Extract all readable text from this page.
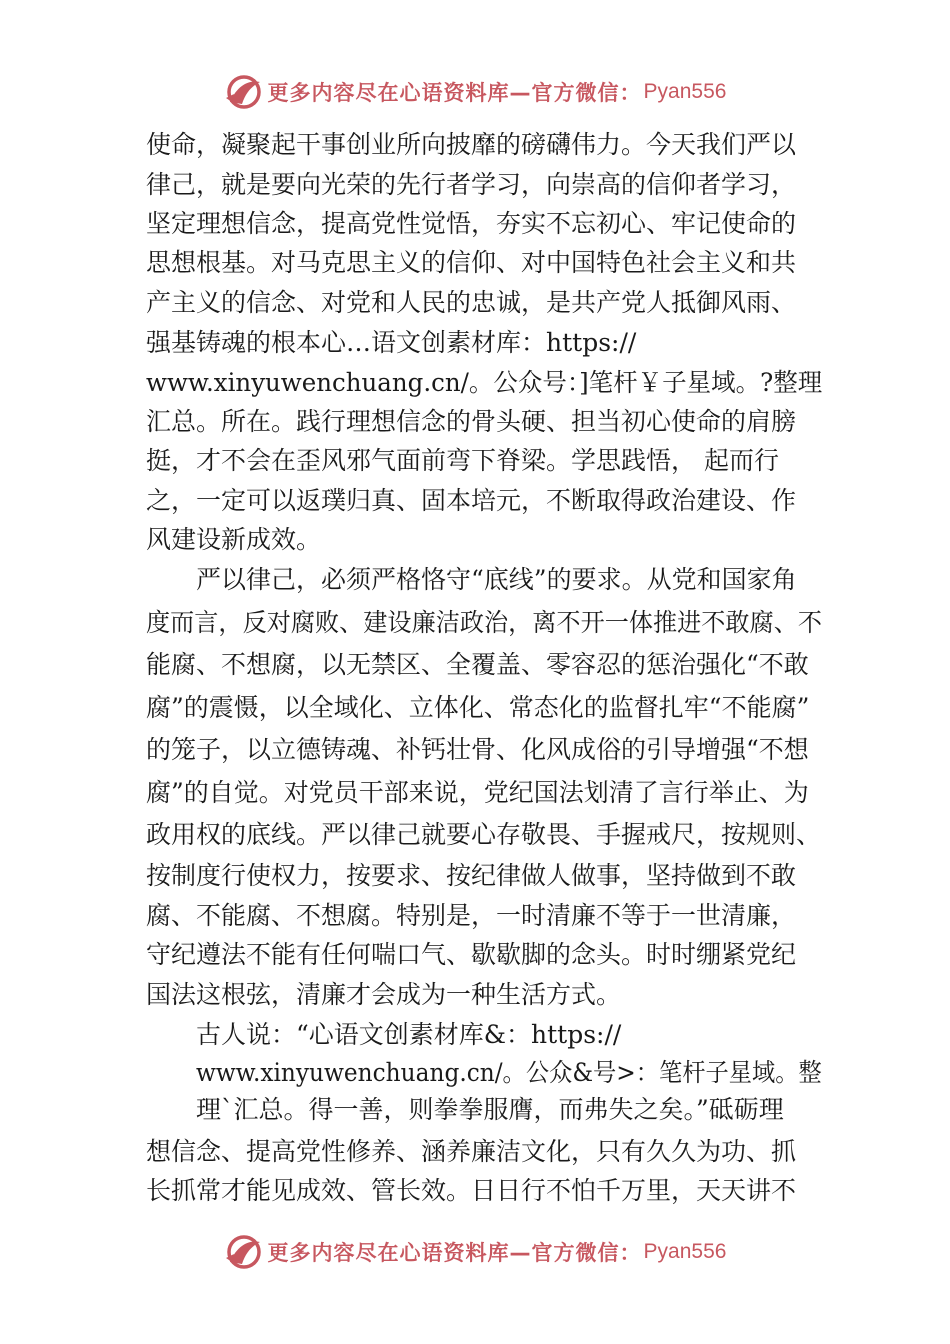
更多内容尽在心语资料库—官方微信： Pyan556
使命，凝聚起干事创业所向披靡的磅礴伟力。今天我们严以
律己，就是要向光荣的先行者学习，向崇高的信仰者学习，
坚定理想信念，提高党性觉悟，夯实不忘初心、牢记使命的
思想根基。对马克思主义的信仰、对中国特色社会主义和共
产主义的信念、对党和人民的忠诚，是共产党人抵御风雨、
强基铸魂的根本心…语文创素材库：https://
www.xinyuwenchuang.cn/。公众号：]笔杆￥子星域。?整理
汇总。所在。践行理想信念的骨头硬、担当初心使命的肩膀
挺，才不会在歪风邪气面前弯下脊梁。学思践悟， 起而行
之，一定可以返璞归真、固本培元，不断取得政治建设、作
风建设新成效。
严以律己，必须严格恪守“底线”的要求。从党和国家角
度而言，反对腐败、建设廉洁政治，离不开一体推进不敢腐、不
能腐、不想腐，以无禁区、全覆盖、零容忍的惩治强化“不敢
腐”的震慑，以全域化、立体化、常态化的监督扎牢“不能腐”
的笼子，以立德铸魂、补钙壮骨、化风成俗的引导增强“不想
腐”的自觉。对党员干部来说，党纪国法划清了言行举止、为
政用权的底线。严以律己就要心存敬畏、手握戒尺，按规则、
按制度行使权力，按要求、按纪律做人做事，坚持做到不敢
腐、不能腐、不想腐。特别是，一时清廉不等于一世清廉，
守纪遵法不能有任何喘口气、歇歇脚的念头。时时绷紧党纪
国法这根弦，清廉才会成为一种生活方式。
古人说：“心语文创素材库&：https://
www.xinyuwenchuang.cn/。公众&号>：笔杆子星域。整
理`汇总。得一善，则拳拳服膺，而弗失之矣。”砥砺理
想信念、提高党性修养、涵养廉洁文化，只有久久为功、抓
长抓常才能见成效、管长效。日日行不怕千万里，天天讲不
更多内容尽在心语资料库—官方微信： Pyan556
